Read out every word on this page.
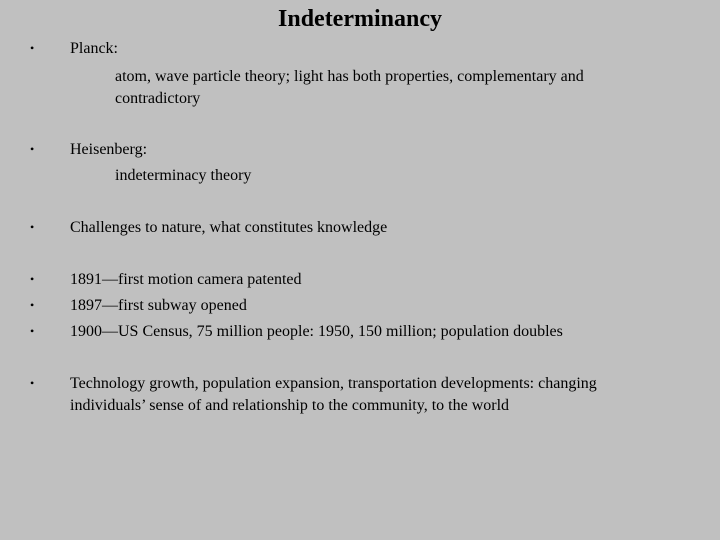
Indeterminancy
• Planck:
atom, wave particle theory; light has both properties, complementary and
contradictory
• Heisenberg:
indeterminacy theory
• Challenges to nature, what constitutes knowledge
• 1891—first motion camera patented
• 1897—first subway opened
• 1900—US Census, 75 million people: 1950, 150 million; population doubles
• Technology growth, population expansion, transportation developments: changing
individuals’ sense of and relationship to the community, to the world
